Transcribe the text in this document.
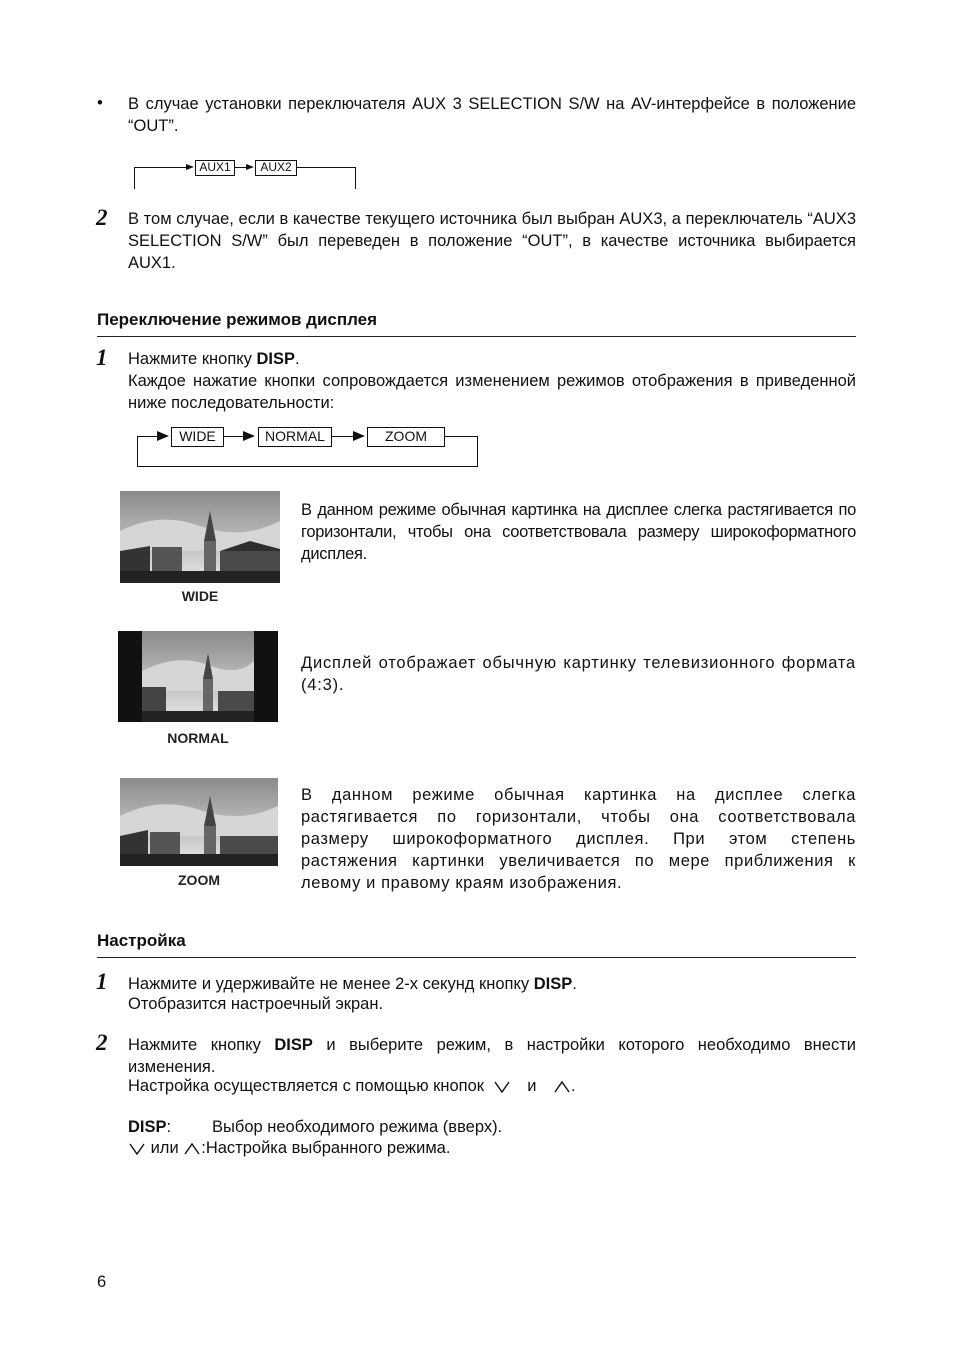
• В случае установки переключателя AUX 3 SELECTION S/W на AV-интерфейсе в положение “OUT”.
AUX1	AUX2
2 В том случае, если в качестве текущего источника был выбран AUX3, а переключатель “AUX3 SELECTION S/W” был переведен в положение “OUT”, в качестве источника выбирается AUX1.
Переключение режимов дисплея
1 Нажмите кнопку DISP.
Каждое нажатие кнопки сопровождается изменением режимов отображения в приведенной ниже последовательности:
WIDE	NORMAL	ZOOM
WIDE
В данном режиме обычная картинка на дисплее слегка растягивается по горизонтали, чтобы она соответствовала размеру широкоформатного дисплея.
NORMAL
Дисплей отображает обычную картинку телевизионного формата (4:3).
ZOOM
В данном режиме обычная картинка на дисплее слегка растягивается по горизонтали, чтобы она соответствовала размеру широкоформатного дисплея. При этом степень растяжения картинки увеличивается по мере приближения к левому и правому краям изображения.
Настройка
1 Нажмите и удерживайте не менее 2-х секунд кнопку DISP.
Отобразится настроечный экран.
2 Нажмите кнопку DISP и выберите режим, в настройки которого необходимо внести изменения.
Настройка осуществляется с помощью кнопок	и .
DISP:	Выбор необходимого режима (вверх).
или :Настройка выбранного режима.
6
